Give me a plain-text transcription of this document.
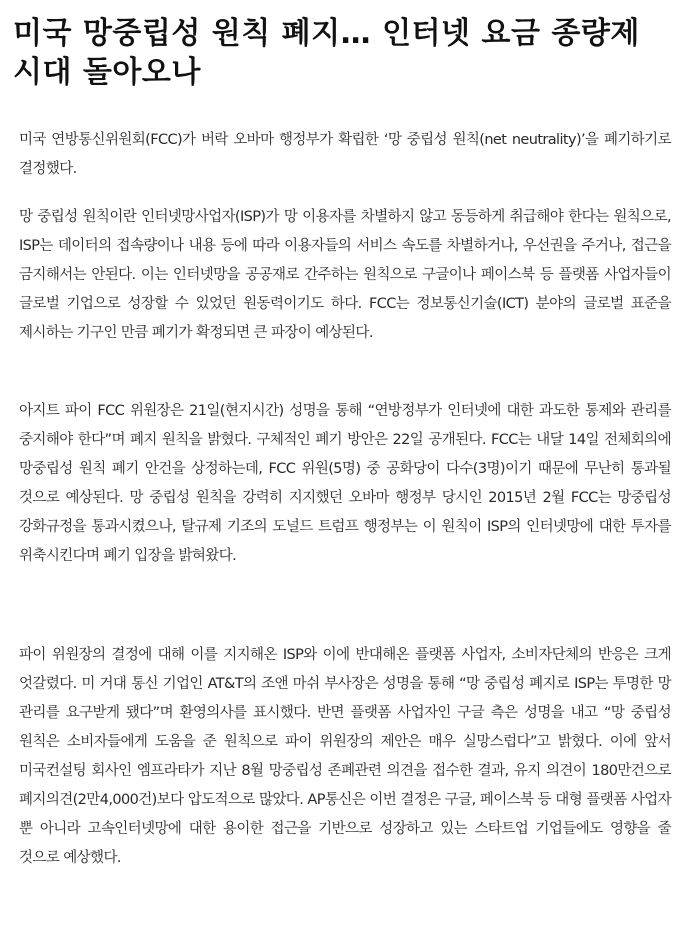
미국 망중립성 원칙 폐지… 인터넷 요금 종량제 시대 돌아오나

미국 연방통신위원회(FCC)가 버락 오바마 행정부가 확립한 ‘망 중립성 원칙(net neutrality)’을 폐기하기로 결정했다.

망 중립성 원칙이란 인터넷망사업자(ISP)가 망 이용자를 차별하지 않고 동등하게 취급해야 한다는 원칙으로, ISP는 데이터의 접속량이나 내용 등에 따라 이용자들의 서비스 속도를 차별하거나, 우선권을 주거나, 접근을 금지해서는 안된다. 이는 인터넷망을 공공재로 간주하는 원칙으로 구글이나 페이스북 등 플랫폼 사업자들이 글로벌 기업으로 성장할 수 있었던 원동력이기도 하다. FCC는 정보통신기술(ICT) 분야의 글로벌 표준을 제시하는 기구인 만큼 폐기가 확정되면 큰 파장이 예상된다.

아지트 파이 FCC 위원장은 21일(현지시간) 성명을 통해 “연방정부가 인터넷에 대한 과도한 통제와 관리를 중지해야 한다”며 폐지 원칙을 밝혔다. 구체적인 폐기 방안은 22일 공개된다. FCC는 내달 14일 전체회의에 망중립성 원칙 폐기 안건을 상정하는데, FCC 위원(5명) 중 공화당이 다수(3명)이기 때문에 무난히 통과될 것으로 예상된다. 망 중립성 원칙을 강력히 지지했던 오바마 행정부 당시인 2015년 2월 FCC는 망중립성 강화규정을 통과시켰으나, 탈규제 기조의 도널드 트럼프 행정부는 이 원칙이 ISP의 인터넷망에 대한 투자를 위축시킨다며 폐기 입장을 밝혀왔다.

파이 위원장의 결정에 대해 이를 지지해온 ISP와 이에 반대해온 플랫폼 사업자, 소비자단체의 반응은 크게 엇갈렸다. 미 거대 통신 기업인 AT&T의 조앤 마쉬 부사장은 성명을 통해 “망 중립성 폐지로 ISP는 투명한 망 관리를 요구받게 됐다”며 환영의사를 표시했다. 반면 플랫폼 사업자인 구글 측은 성명을 내고 “망 중립성 원칙은 소비자들에게 도움을 준 원칙으로 파이 위원장의 제안은 매우 실망스럽다”고 밝혔다. 이에 앞서 미국컨설팅 회사인 엠프라타가 지난 8월 망중립성 존폐관련 의견을 접수한 결과, 유지 의견이 180만건으로 폐지의견(2만4,000건)보다 압도적으로 많았다. AP통신은 이번 결정은 구글, 페이스북 등 대형 플랫폼 사업자 뿐 아니라 고속인터넷망에 대한 용이한 접근을 기반으로 성장하고 있는 스타트업 기업들에도 영향을 줄 것으로 예상했다.
